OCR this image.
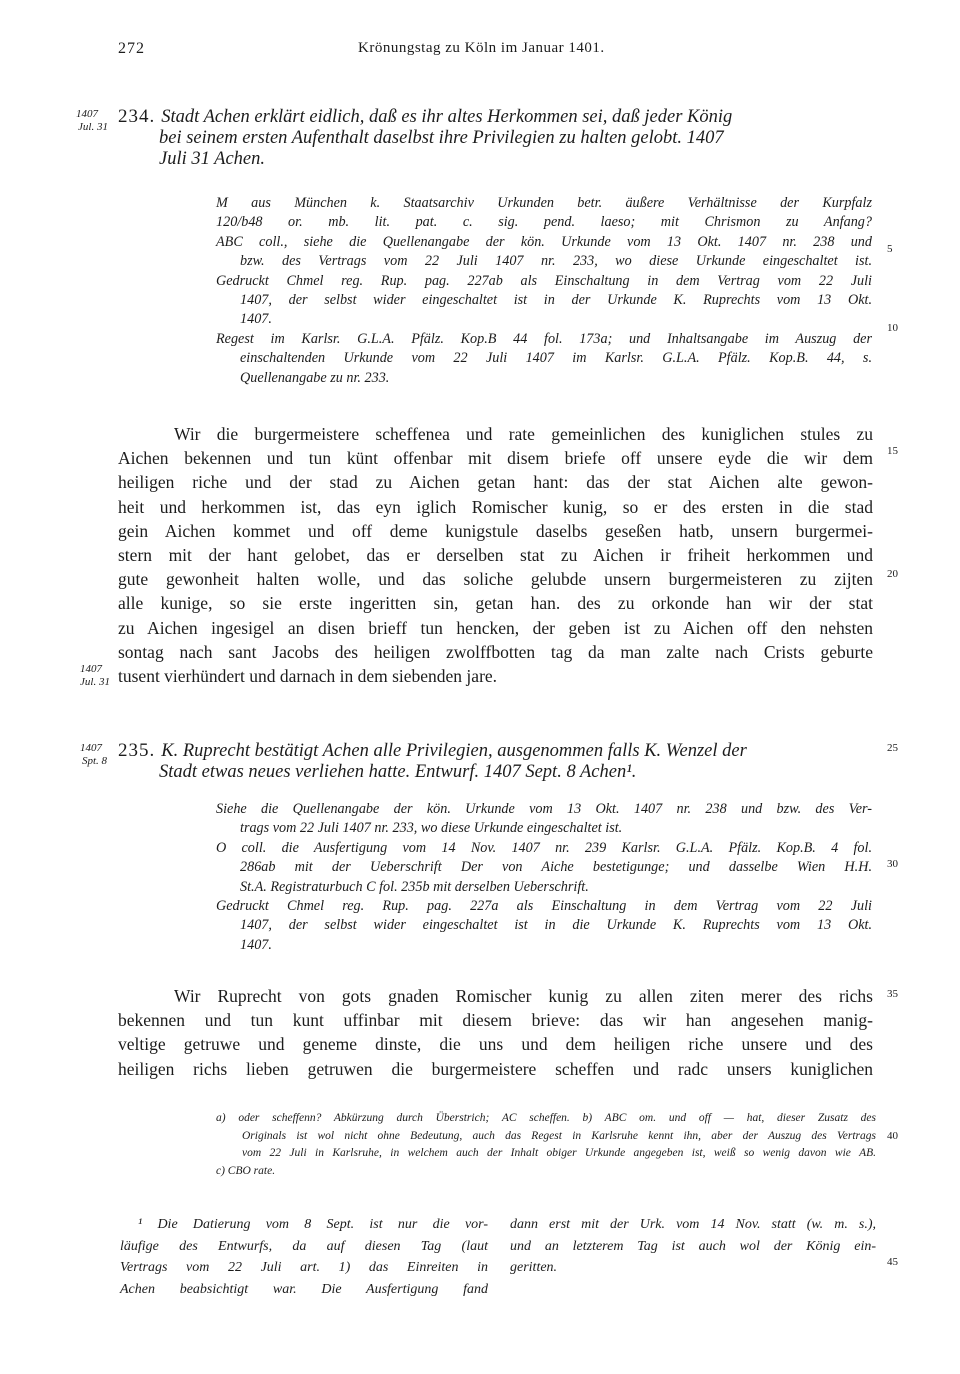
272	Krönungstag zu Köln im Januar 1401.
1407
Jul. 31 234. Stadt Achen erklärt eidlich, daß es ihr altes Herkommen sei, daß jeder König
bei seinem ersten Aufenthalt daselbst ihre Privilegien zu halten gelobt. 1407
Juli 31 Achen.
M aus München k. Staatsarchiv Urkunden betr. äußere Verhältnisse der Kurpfalz
120/b48 or. mb. lit. pat. c. sig. pend. laeso; mit Chrismon zu Anfang?
ABC coll., siehe die Quellenangabe der kön. Urkunde vom 13 Okt. 1407 nr. 238 und
bzw. des Vertrags vom 22 Juli 1407 nr. 233, wo diese Urkunde eingeschaltet ist.
Gedruckt Chmel reg. Rup. pag. 227ab als Einschaltung in dem Vertrag vom 22 Juli
1407, der selbst wider eingeschaltet ist in der Urkunde K. Ruprechts vom 13 Okt.
1407.
Regest im Karlsr. G.L.A. Pfälz. Kop.B 44 fol. 173a; und Inhaltsangabe im Auszug der
einschaltenden Urkunde vom 22 Juli 1407 im Karlsr. G.L.A. Pfälz. Kop.B. 44, s.
Quellenangabe zu nr. 233.
Wir die burgermeistere scheffenea und rate gemeinlichen des kuniglichen stules zu
Aichen bekennen und tun künt offenbar mit disem briefe off unsere eyde die wir dem
heiligen riche und der stad zu Aichen getan hant: das der stat Aichen alte gewon-
heit und herkommen ist, das eyn iglich Romischer kunig, so er des ersten in die stad
gein Aichen kommet und off deme kunigstule daselbs geseßen hatb, unsern burgermei-
stern mit der hant gelobet, das er derselben stat zu Aichen ir friheit herkommen und
gute gewonheit halten wolle, und das soliche gelubde unsern burgermeisteren zu zijten
alle kunige, so sie erste ingeritten sin, getan han. des zu orkonde han wir der stat
zu Aichen ingesigel an disen brieff tun hencken, der geben ist zu Aichen off den nehsten
sontag nach sant Jacobs des heiligen zwolffbotten tag da man zalte nach Crists geburte
tusent vierhündert und darnach in dem siebenden jare.
1407
Jul. 31
1407
Spt. 8 235. K. Ruprecht bestätigt Achen alle Privilegien, ausgenommen falls K. Wenzel der
Stadt etwas neues verliehen hatte. Entwurf. 1407 Sept. 8 Achen¹.
Siehe die Quellenangabe der kön. Urkunde vom 13 Okt. 1407 nr. 238 und bzw. des Ver-
trags vom 22 Juli 1407 nr. 233, wo diese Urkunde eingeschaltet ist.
O coll. die Ausfertigung vom 14 Nov. 1407 nr. 239 Karlsr. G.L.A. Pfälz. Kop.B. 4 fol.
286ab mit der Ueberschrift Der von Aiche bestetigunge; und dasselbe Wien H.H.
St.A. Registraturbuch C fol. 235b mit derselben Ueberschrift.
Gedruckt Chmel reg. Rup. pag. 227a als Einschaltung in dem Vertrag vom 22 Juli
1407, der selbst wider eingeschaltet ist in die Urkunde K. Ruprechts vom 13 Okt.
1407.
Wir Ruprecht von gots gnaden Romischer kunig zu allen ziten merer des richs
bekennen und tun kunt uffinbar mit diesem brieve: das wir han angesehen manig-
veltige getruwe und geneme dinste, die uns und dem heiligen riche unsere und des
heiligen richs lieben getruwen die burgermeistere scheffen und radc unsers kuniglichen
a) oder scheffenn? Abkürzung durch Überstrich; AC scheffen. b) ABC om. und off — hat, dieser Zusatz des
Originals ist wol nicht ohne Bedeutung, auch das Regest in Karlsruhe kennt ihn, aber der Auszug des Vertrags
vom 22 Juli in Karlsruhe, in welchem auch der Inhalt obiger Urkunde angegeben ist, weiß so wenig davon wie AB.
c) CBO rate.
¹ Die Datierung vom 8 Sept. ist nur die vor-
läufige des Entwurfs, da auf diesen Tag (laut
Vertrags vom 22 Juli art. 1) das Einreiten in
Achen beabsichtigt war. Die Ausfertigung fand
dann erst mit der Urk. vom 14 Nov. statt (w. m. s.),
und an letzterem Tag ist auch wol der König ein-
geritten.
5
10
15
20
25
30
35
40
45
